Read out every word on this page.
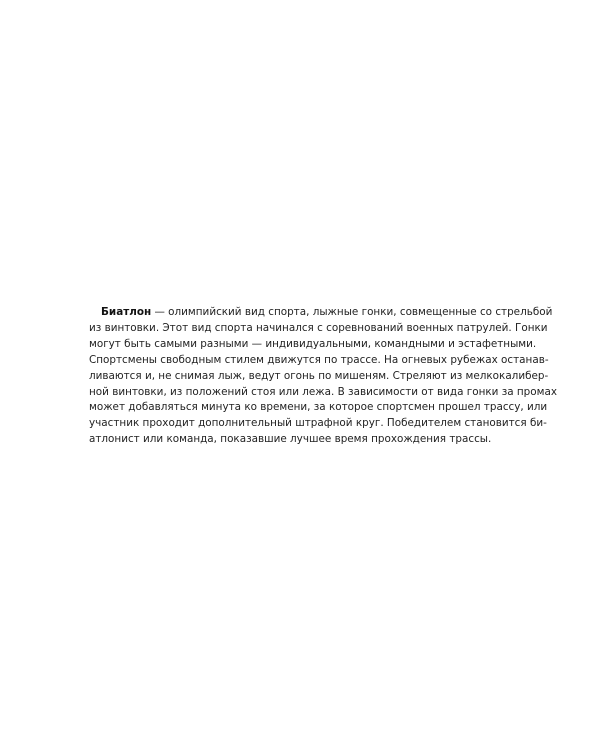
Биатлон — олимпийский вид спорта, лыжные гонки, совмещенные со стрельбой
из винтовки. Этот вид спорта начинался с соревнований военных патрулей. Гонки
могут быть самыми разными — индивидуальными, командными и эстафетными.
Спортсмены свободным стилем движутся по трассе. На огневых рубежах останав-
ливаются и, не снимая лыж, ведут огонь по мишеням. Стреляют из мелкокалибер-
ной винтовки, из положений стоя или лежа. В зависимости от вида гонки за промах
может добавляться минута ко времени, за которое спортсмен прошел трассу, или
участник проходит дополнительный штрафной круг. Победителем становится би-
атлонист или команда, показавшие лучшее время прохождения трассы.
